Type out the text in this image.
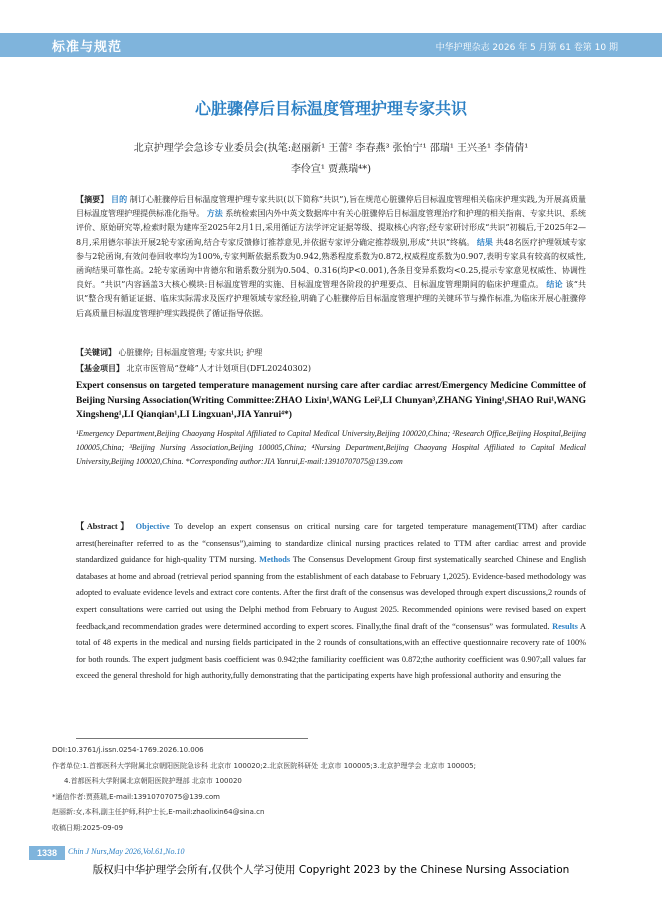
标准与规范	中华护理杂志 2026 年 5 月第 61 卷第 10 期
心脏骤停后目标温度管理护理专家共识
北京护理学会急诊专业委员会(执笔:赵丽新¹ 王蕾² 李春燕³ 张怡宁¹ 邵瑞¹ 王兴圣¹ 李倩倩¹
李伶宣¹ 贾燕瑞⁴*)
【摘要】 目的 制订心脏骤停后目标温度管理护理专家共识(以下简称“共识”),旨在规范心脏骤停后目标温度管理相关临床护理实践,为开展高质量目标温度管理护理提供标准化指导。 方法 系统检索国内外中英文数据库中有关心脏骤停后目标温度管理治疗和护理的相关指南、专家共识、系统评价、原始研究等,检索时限为建库至2025年2月1日,采用循证方法学评定证据等级、提取核心内容;经专家研讨形成“共识”初稿后,于2025年2—8月,采用德尔菲法开展2轮专家函询,结合专家反馈修订推荐意见,并依据专家评分确定推荐级别,形成“共识”终稿。 结果 共48名医疗护理领域专家参与2轮函询,有效问卷回收率均为100%,专家判断依据系数为0.942,熟悉程度系数为0.872,权威程度系数为0.907,表明专家具有较高的权威性,函询结果可靠性高。2轮专家函询中肯德尔和谐系数分别为0.504、0.316(均P<0.001),各条目变异系数均<0.25,提示专家意见权威性、协调性良好。“共识”内容涵盖3大核心模块:目标温度管理的实施、目标温度管理各阶段的护理要点、目标温度管理期间的临床护理重点。 结论 该“共识”整合现有循证证据、临床实际需求及医疗护理领域专家经验,明确了心脏骤停后目标温度管理护理的关键环节与操作标准,为临床开展心脏骤停后高质量目标温度管理护理实践提供了循证指导依据。
【关键词】 心脏骤停; 目标温度管理; 专家共识; 护理
【基金项目】 北京市医管局“登峰”人才计划项目(DFL20240302)
Expert consensus on targeted temperature management nursing care after cardiac arrest/Emergency Medicine Committee of Beijing Nursing Association(Writing Committee:ZHAO Lixin¹,WANG Lei²,LI Chunyan³,ZHANG Yining¹,SHAO Rui¹,WANG Xingsheng¹,LI Qianqian¹,LI Lingxuan¹,JIA Yanrui⁴*)
¹Emergency Department,Beijing Chaoyang Hospital Affiliated to Capital Medical University,Beijing 100020,China; ²Research Office,Beijing Hospital,Beijing 100005,China; ³Beijing Nursing Association,Beijing 100005,China; ⁴Nursing Department,Beijing Chaoyang Hospital Affiliated to Capital Medical University,Beijing 100020,China. *Corresponding author:JIA Yanrui,E-mail:13910707075@139.com
【Abstract】 Objective To develop an expert consensus on critical nursing care for targeted temperature management(TTM) after cardiac arrest(hereinafter referred to as the “consensus”),aiming to standardize clinical nursing practices related to TTM after cardiac arrest and provide standardized guidance for high-quality TTM nursing. Methods The Consensus Development Group first systematically searched Chinese and English databases at home and abroad (retrieval period spanning from the establishment of each database to February 1,2025). Evidence-based methodology was adopted to evaluate evidence levels and extract core contents. After the first draft of the consensus was developed through expert discussions,2 rounds of expert consultations were carried out using the Delphi method from February to August 2025. Recommended opinions were revised based on expert feedback,and recommendation grades were determined according to expert scores. Finally,the final draft of the “consensus” was formulated. Results A total of 48 experts in the medical and nursing fields participated in the 2 rounds of consultations,with an effective questionnaire recovery rate of 100% for both rounds. The expert judgment basis coefficient was 0.942;the familiarity coefficient was 0.872;the authority coefficient was 0.907;all values far exceed the general threshold for high authority,fully demonstrating that the participating experts have high professional authority and ensuring the
DOI:10.3761/j.issn.0254-1769.2026.10.006
作者单位:1.首都医科大学附属北京朝阳医院急诊科 北京市 100020;2.北京医院科研处 北京市 100005;3.北京护理学会 北京市 100005;
4.首都医科大学附属北京朝阳医院护理部 北京市 100020
*通信作者:贾燕瑞,E-mail:13910707075@139.com
赵丽新:女,本科,副主任护师,科护士长,E-mail:zhaolixin64@sina.cn
收稿日期:2025-09-09
1338	Chin J Nurs,May 2026,Vol.61,No.10
版权归中华护理学会所有,仅供个人学习使用 Copyright 2023 by the Chinese Nursing Association
